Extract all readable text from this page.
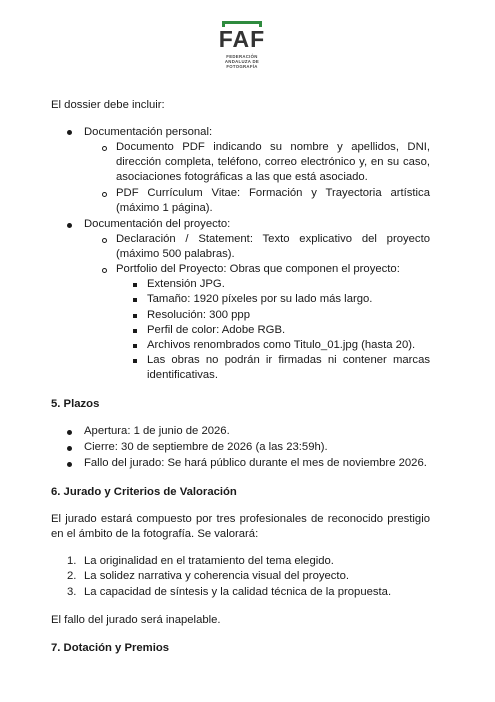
FAF
FEDERACIÓN
ANDALUZA DE
FOTOGRAFÍA
El dossier debe incluir:
Documentación personal:
Documento PDF indicando su nombre y apellidos, DNI,
dirección completa, teléfono, correo electrónico y, en su caso,
asociaciones fotográficas a las que está asociado.
PDF Currículum Vitae: Formación y Trayectoria artística
(máximo 1 página).
Documentación del proyecto:
Declaración / Statement: Texto explicativo del proyecto
(máximo 500 palabras).
Portfolio del Proyecto: Obras que componen el proyecto:
Extensión JPG.
Tamaño: 1920 píxeles por su lado más largo.
Resolución: 300 ppp
Perfil de color: Adobe RGB.
Archivos renombrados como Titulo_01.jpg (hasta 20).
Las obras no podrán ir firmadas ni contener marcas
identificativas.
5. Plazos
Apertura: 1 de junio de 2026.
Cierre: 30 de septiembre de 2026 (a las 23:59h).
Fallo del jurado: Se hará público durante el mes de noviembre 2026.
6. Jurado y Criterios de Valoración
El jurado estará compuesto por tres profesionales de reconocido prestigio
en el ámbito de la fotografía. Se valorará:
1. La originalidad en el tratamiento del tema elegido.
2. La solidez narrativa y coherencia visual del proyecto.
3. La capacidad de síntesis y la calidad técnica de la propuesta.
El fallo del jurado será inapelable.
7. Dotación y Premios
